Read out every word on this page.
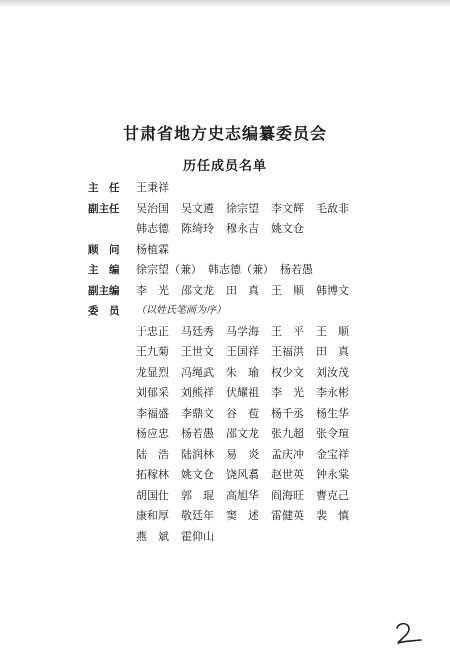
甘肃省地方史志编纂委员会
历任成员名单
主　任 王秉祥
副主任 吴治国 吴文遴 徐宗望 李文辉 毛敌非
韩志德 陈绮玲 穆永吉 姚文仓
顾　问 杨植霖
主　编 徐宗望（兼） 韩志德（兼） 杨若愚
副主编 李　光 邵文龙 田　真 王　顺 韩博文
委　员 （以姓氏笔画为序）
于忠正 马廷秀 马学海 王　平 王　顺
王九菊 王世文 王国祥 王福洪 田　真
龙显烈 冯绳武 朱　瑜 权少文 刘汝茂
刘郁采 刘熊祥 伏耀祖 李　光 李永彬
李福盛 李鼎文 谷　苞 杨千丞 杨生华
杨应忠 杨若愚 邵文龙 张九超 张令瑄
陆　浩 陆润林 易　炎 孟庆冲 金宝祥
拓稼林 姚文仓 饶风翥 赵世英 钟永棠
胡国仕 郭　琨 高旭华 阎海旺 曹克己
康和厚 敬廷年 窦　述 雷健英 裴　慎
燕　斌 霍仰山
